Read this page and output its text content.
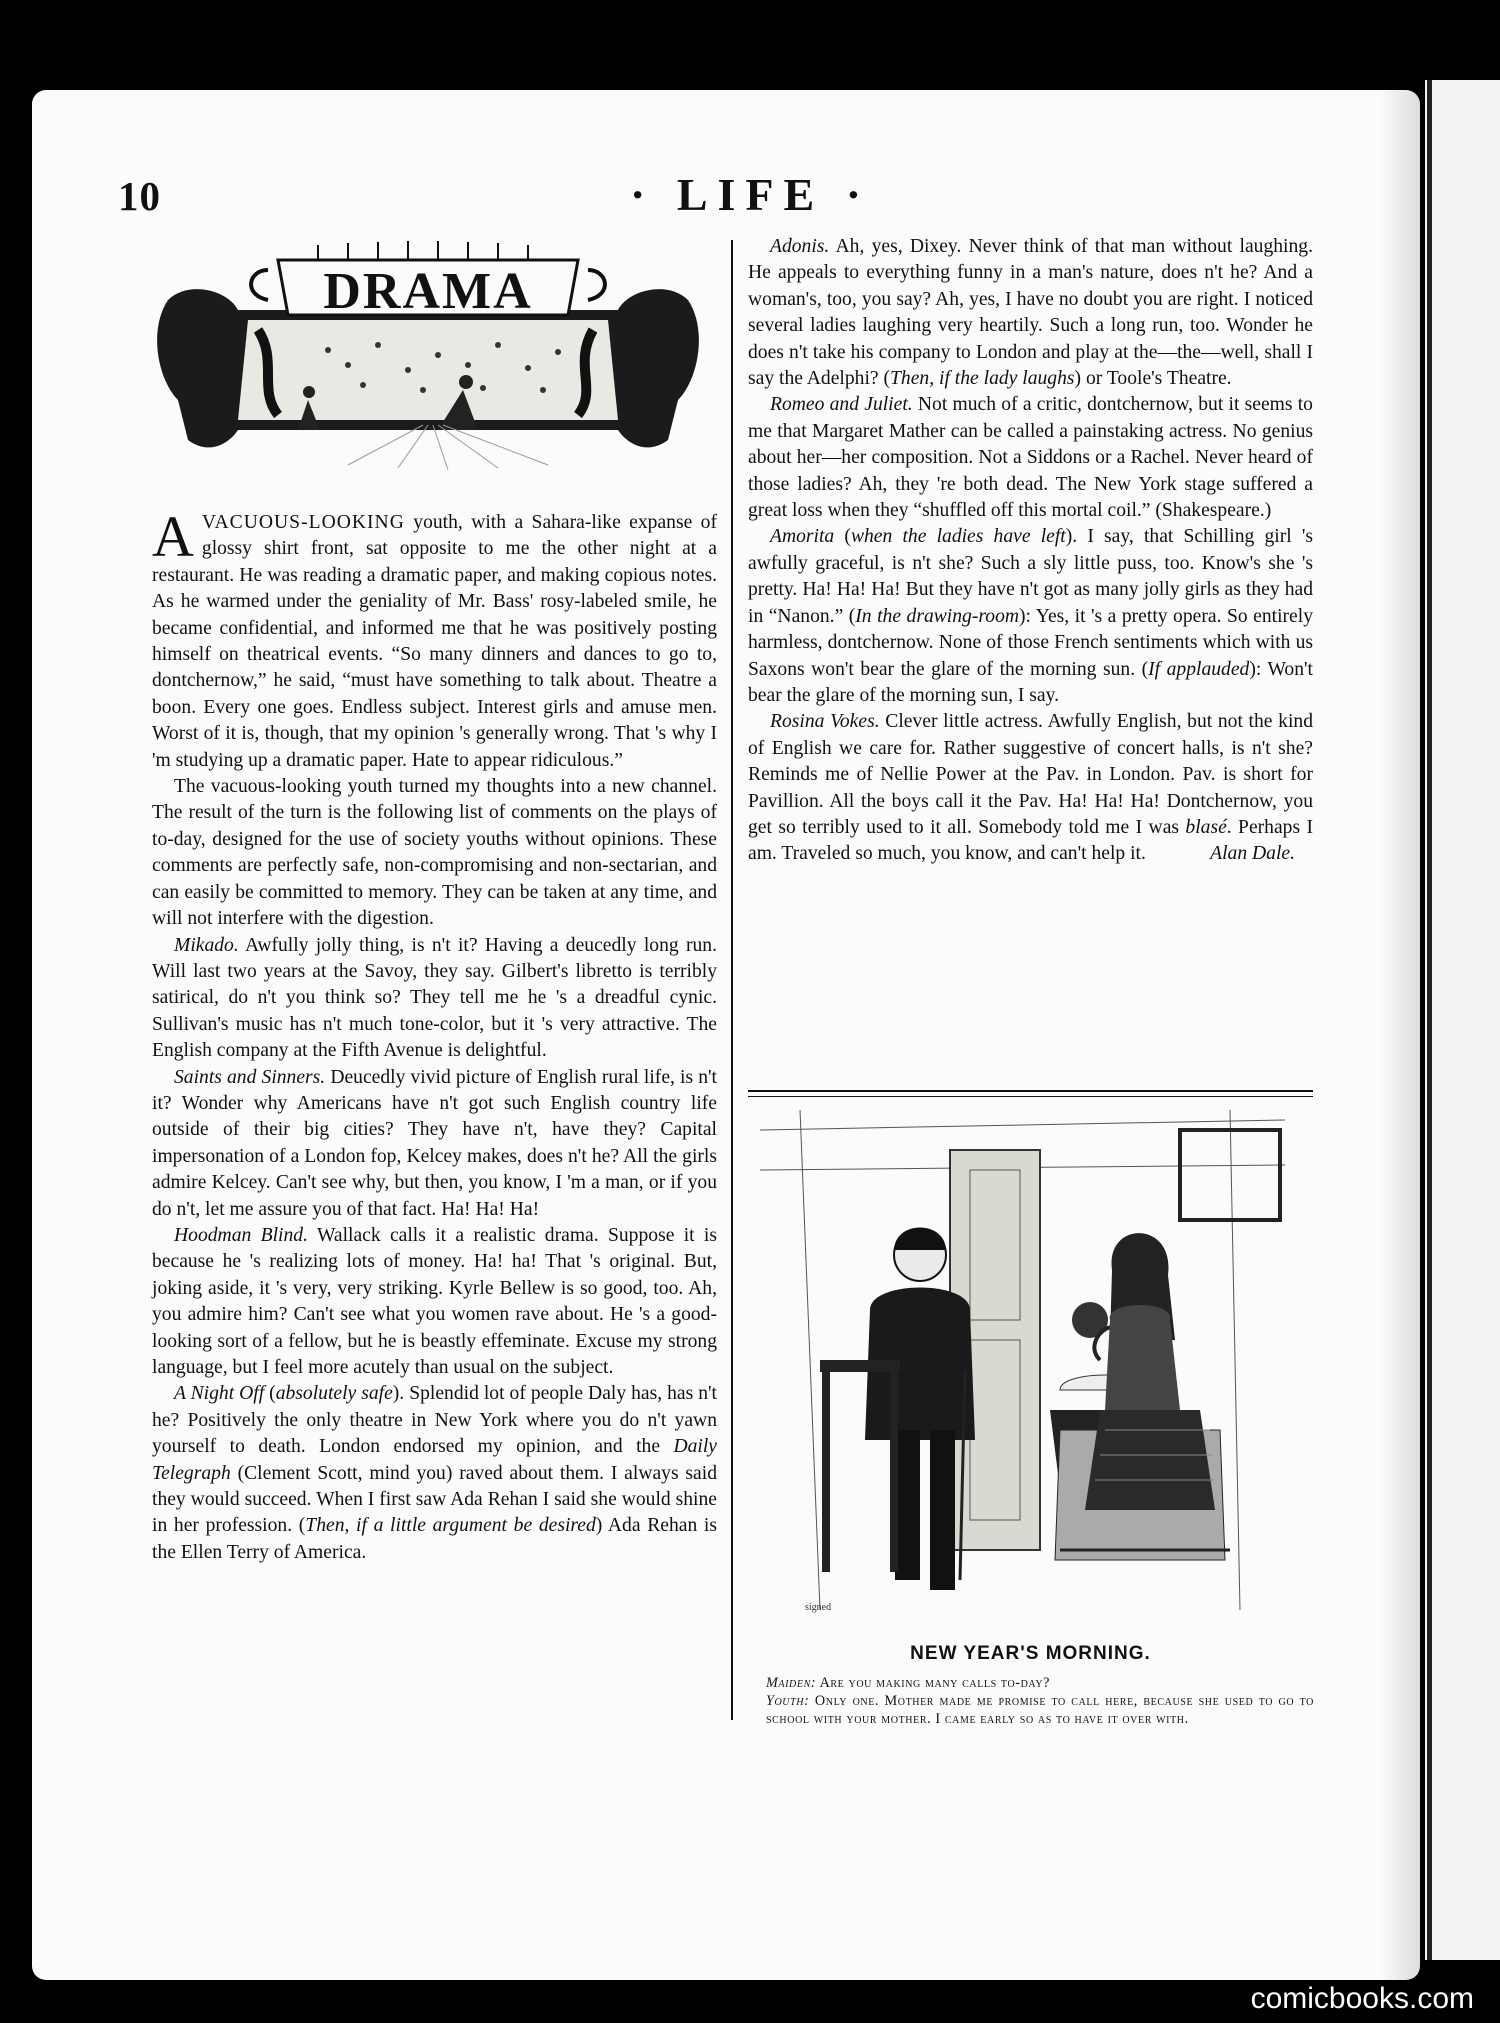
10	· LIFE ·
DRAMA

AVACUOUS-LOOKING youth, with a Sahara-like expanse of glossy shirt front, sat opposite to me the other night at a restaurant. He was reading a dramatic paper, and making copious notes. As he warmed under the geniality of Mr. Bass' rosy-labeled smile, he became confidential, and informed me that he was positively posting himself on theatrical events. “So many dinners and dances to go to, dontchernow,” he said, “must have something to talk about. Theatre a boon. Every one goes. Endless subject. Interest girls and amuse men. Worst of it is, though, that my opinion 's generally wrong. That 's why I 'm studying up a dramatic paper. Hate to appear ridiculous.”

The vacuous-looking youth turned my thoughts into a new channel. The result of the turn is the following list of comments on the plays of to-day, designed for the use of society youths without opinions. These comments are perfectly safe, non-compromising and non-sectarian, and can easily be committed to memory. They can be taken at any time, and will not interfere with the digestion.

Mikado. Awfully jolly thing, is n't it? Having a deucedly long run. Will last two years at the Savoy, they say. Gilbert's libretto is terribly satirical, do n't you think so? They tell me he 's a dreadful cynic. Sullivan's music has n't much tone-color, but it 's very attractive. The English company at the Fifth Avenue is delightful.

Saints and Sinners. Deucedly vivid picture of English rural life, is n't it? Wonder why Americans have n't got such English country life outside of their big cities? They have n't, have they? Capital impersonation of a London fop, Kelcey makes, does n't he? All the girls admire Kelcey. Can't see why, but then, you know, I 'm a man, or if you do n't, let me assure you of that fact. Ha! Ha! Ha!

Hoodman Blind. Wallack calls it a realistic drama. Suppose it is because he 's realizing lots of money. Ha! ha! That 's original. But, joking aside, it 's very, very striking. Kyrle Bellew is so good, too. Ah, you admire him? Can't see what you women rave about. He 's a good-looking sort of a fellow, but he is beastly effeminate. Excuse my strong language, but I feel more acutely than usual on the subject.

A Night Off (absolutely safe). Splendid lot of people Daly has, has n't he? Positively the only theatre in New York where you do n't yawn yourself to death. London endorsed my opinion, and the Daily Telegraph (Clement Scott, mind you) raved about them. I always said they would succeed. When I first saw Ada Rehan I said she would shine in her profession. (Then, if a little argument be desired) Ada Rehan is the Ellen Terry of America.

Adonis. Ah, yes, Dixey. Never think of that man without laughing. He appeals to everything funny in a man's nature, does n't he? And a woman's, too, you say? Ah, yes, I have no doubt you are right. I noticed several ladies laughing very heartily. Such a long run, too. Wonder he does n't take his company to London and play at the—the—well, shall I say the Adelphi? (Then, if the lady laughs) or Toole's Theatre.

Romeo and Juliet. Not much of a critic, dontchernow, but it seems to me that Margaret Mather can be called a painstaking actress. No genius about her—her composition. Not a Siddons or a Rachel. Never heard of those ladies? Ah, they 're both dead. The New York stage suffered a great loss when they “shuffled off this mortal coil.” (Shakespeare.)

Amorita (when the ladies have left). I say, that Schilling girl 's awfully graceful, is n't she? Such a sly little puss, too. Know's she 's pretty. Ha! Ha! Ha! But they have n't got as many jolly girls as they had in “Nanon.” (In the drawing-room): Yes, it 's a pretty opera. So entirely harmless, dontchernow. None of those French sentiments which with us Saxons won't bear the glare of the morning sun. (If applauded): Won't bear the glare of the morning sun, I say.

Rosina Vokes. Clever little actress. Awfully English, but not the kind of English we care for. Rather suggestive of concert halls, is n't she? Reminds me of Nellie Power at the Pav. in London. Pav. is short for Pavillion. All the boys call it the Pav. Ha! Ha! Ha! Dontchernow, you get so terribly used to it all. Somebody told me I was blasé. Perhaps I am. Traveled so much, you know, and can't help it.	Alan Dale.

signed
NEW YEAR'S MORNING.
Maiden: Are you making many calls to-day?
Youth: Only one. Mother made me promise to call here, because she used to go to school with your mother. I came early so as to have it over with.
comicbooks.com
